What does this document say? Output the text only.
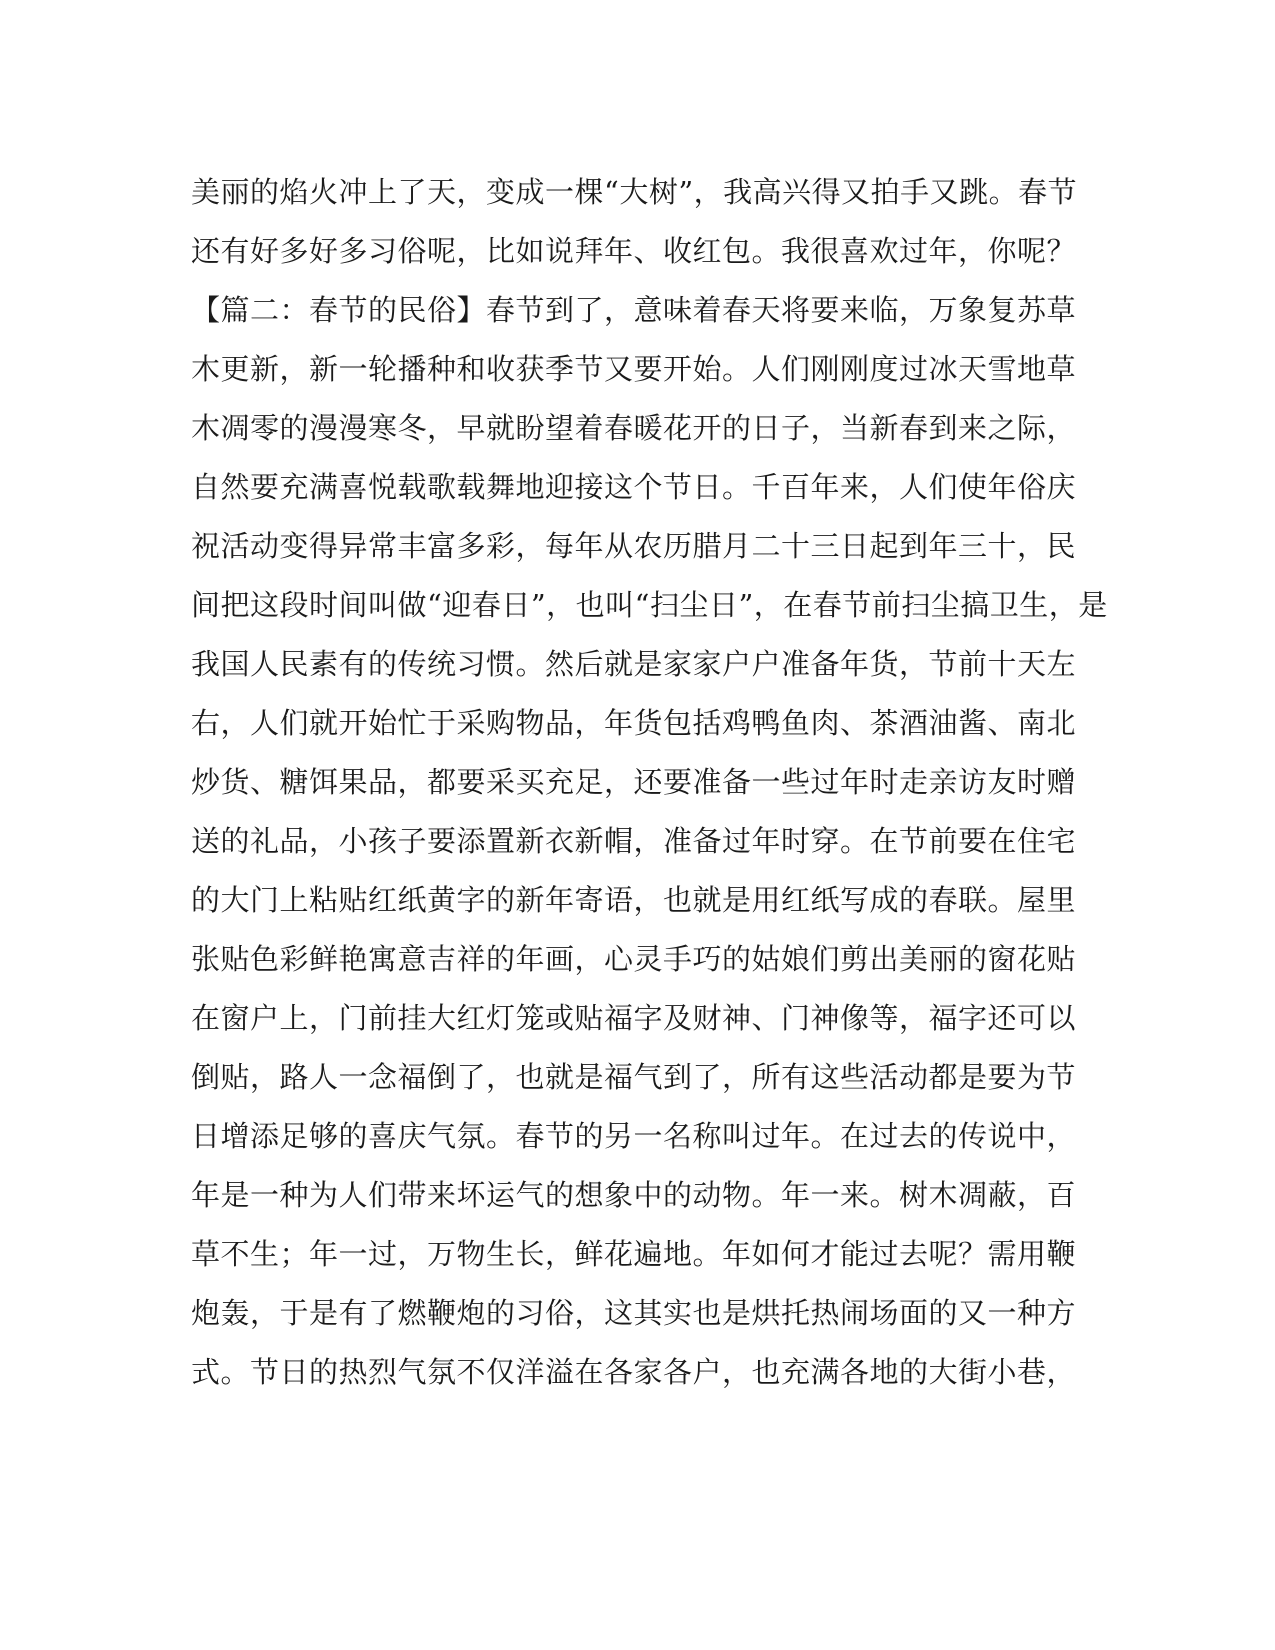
美丽的焰火冲上了天，变成一棵“大树”，我高兴得又拍手又跳。春节
还有好多好多习俗呢，比如说拜年、收红包。我很喜欢过年，你呢？
【篇二：春节的民俗】春节到了，意味着春天将要来临，万象复苏草
木更新，新一轮播种和收获季节又要开始。人们刚刚度过冰天雪地草
木凋零的漫漫寒冬，早就盼望着春暖花开的日子，当新春到来之际，
自然要充满喜悦载歌载舞地迎接这个节日。千百年来，人们使年俗庆
祝活动变得异常丰富多彩，每年从农历腊月二十三日起到年三十，民
间把这段时间叫做“迎春日”，也叫“扫尘日”，在春节前扫尘搞卫生，是
我国人民素有的传统习惯。然后就是家家户户准备年货，节前十天左
右，人们就开始忙于采购物品，年货包括鸡鸭鱼肉、茶酒油酱、南北
炒货、糖饵果品，都要采买充足，还要准备一些过年时走亲访友时赠
送的礼品，小孩子要添置新衣新帽，准备过年时穿。在节前要在住宅
的大门上粘贴红纸黄字的新年寄语，也就是用红纸写成的春联。屋里
张贴色彩鲜艳寓意吉祥的年画，心灵手巧的姑娘们剪出美丽的窗花贴
在窗户上，门前挂大红灯笼或贴福字及财神、门神像等，福字还可以
倒贴，路人一念福倒了，也就是福气到了，所有这些活动都是要为节
日增添足够的喜庆气氛。春节的另一名称叫过年。在过去的传说中，
年是一种为人们带来坏运气的想象中的动物。年一来。树木凋蔽，百
草不生；年一过，万物生长，鲜花遍地。年如何才能过去呢？需用鞭
炮轰，于是有了燃鞭炮的习俗，这其实也是烘托热闹场面的又一种方
式。节日的热烈气氛不仅洋溢在各家各户，也充满各地的大街小巷，
